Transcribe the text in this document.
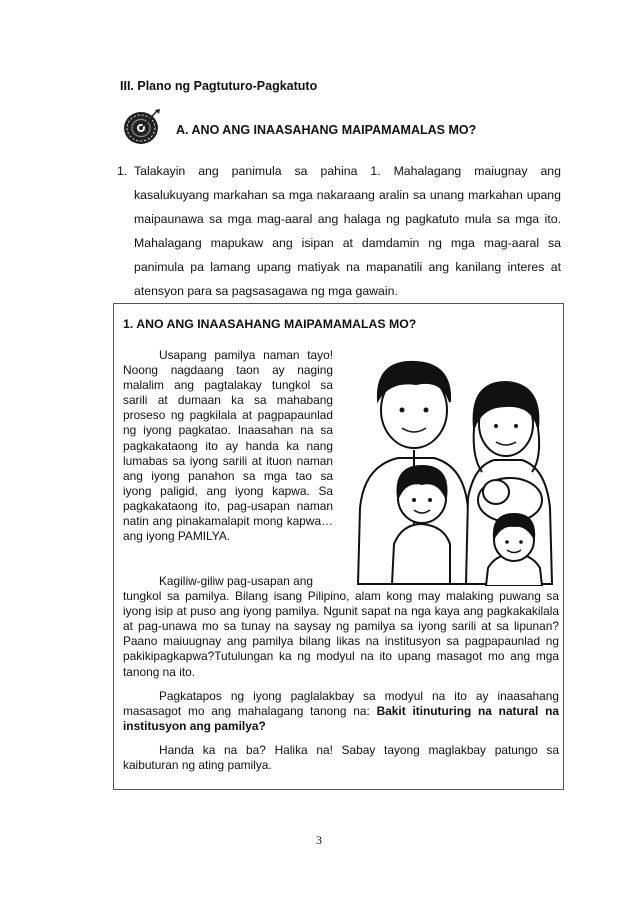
III. Plano ng Pagtuturo-Pagkatuto
A. ANO ANG INAASAHANG MAIPAMAMALAS MO?
1. Talakayin ang panimula sa pahina 1. Mahalagang maiugnay ang kasalukuyang markahan sa mga nakaraang aralin sa unang markahan upang maipaunawa sa mga mag-aaral ang halaga ng pagkatuto mula sa mga ito. Mahalagang mapukaw ang isipan at damdamin ng mga mag-aaral sa panimula pa lamang upang matiyak na mapanatili ang kanilang interes at atensyon para sa pagsasagawa ng mga gawain.
1. ANO ANG INAASAHANG MAIPAMAMALAS MO?
Usapang pamilya naman tayo! Noong nagdaang taon ay naging malalim ang pagtalakay tungkol sa sarili at dumaan ka sa mahabang proseso ng pagkilala at pagpapaunlad ng iyong pagkatao. Inaasahan na sa pagkakataong ito ay handa ka nang lumabas sa iyong sarili at ituon naman ang iyong panahon sa mga tao sa iyong paligid, ang iyong kapwa. Sa pagkakataong ito, pag-usapan naman natin ang pinakamalapit mong kapwa… ang iyong PAMILYA.

Kagiliw-giliw pag-usapan ang

tungkol sa pamilya. Bilang isang Pilipino, alam kong may malaking puwang sa iyong isip at puso ang iyong pamilya. Ngunit sapat na nga kaya ang pagkakakilala at pag-unawa mo sa tunay na saysay ng pamilya sa iyong sarili at sa lipunan? Paano maiuugnay ang pamilya bilang likas na institusyon sa pagpapaunlad ng pakikipagkapwa?Tutulungan ka ng modyul na ito upang masagot mo ang mga tanong na ito.

Pagkatapos ng iyong paglalakbay sa modyul na ito ay inaasahang masasagot mo ang mahalagang tanong na: Bakit itinuturing na natural na institusyon ang pamilya?

Handa ka na ba? Halika na! Sabay tayong maglakbay patungo sa kaibuturan ng ating pamilya.

3
